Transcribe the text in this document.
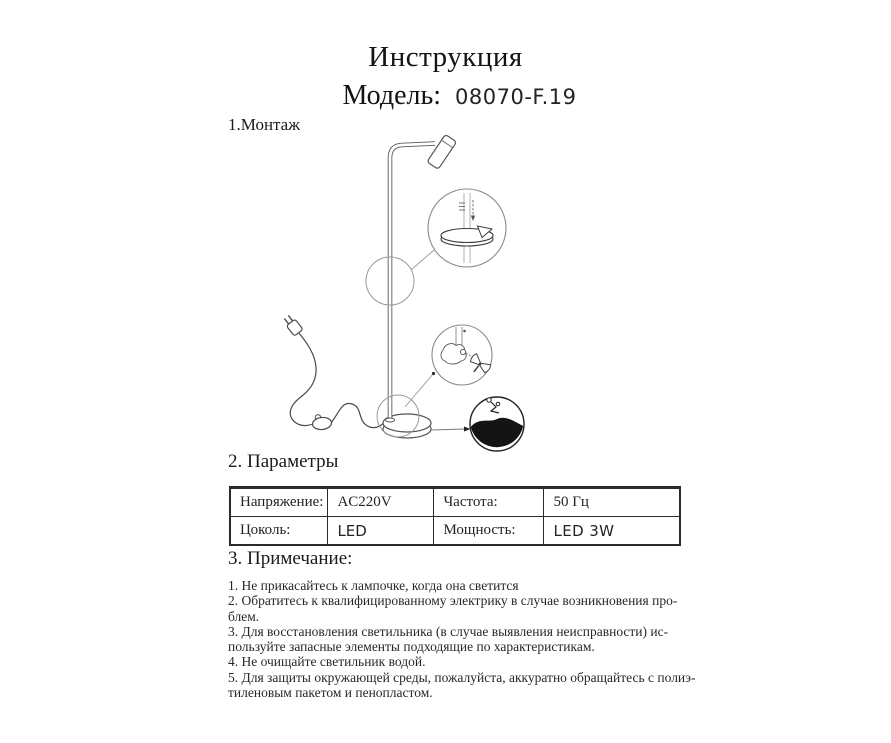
Инструкция
Модель: 08070-F.19
1.Монтаж
2. Параметры
Напряжение:	AC220V	Частота:	50 Гц
Цоколь:	LED	Мощность:	LED 3W
3. Примечание:
1. Не прикасайтесь к лампочке, когда она светится
2. Обратитесь к квалифицированному электрику в случае возникновения про-
блем.
3. Для восстановления светильника (в случае выявления неисправности) ис-
пользуйте запасные элементы подходящие по характеристикам.
4. Не очищайте светильник водой.
5. Для защиты окружающей среды, пожалуйста, аккуратно обращайтесь с полиэ-
тиленовым пакетом и пенопластом.
